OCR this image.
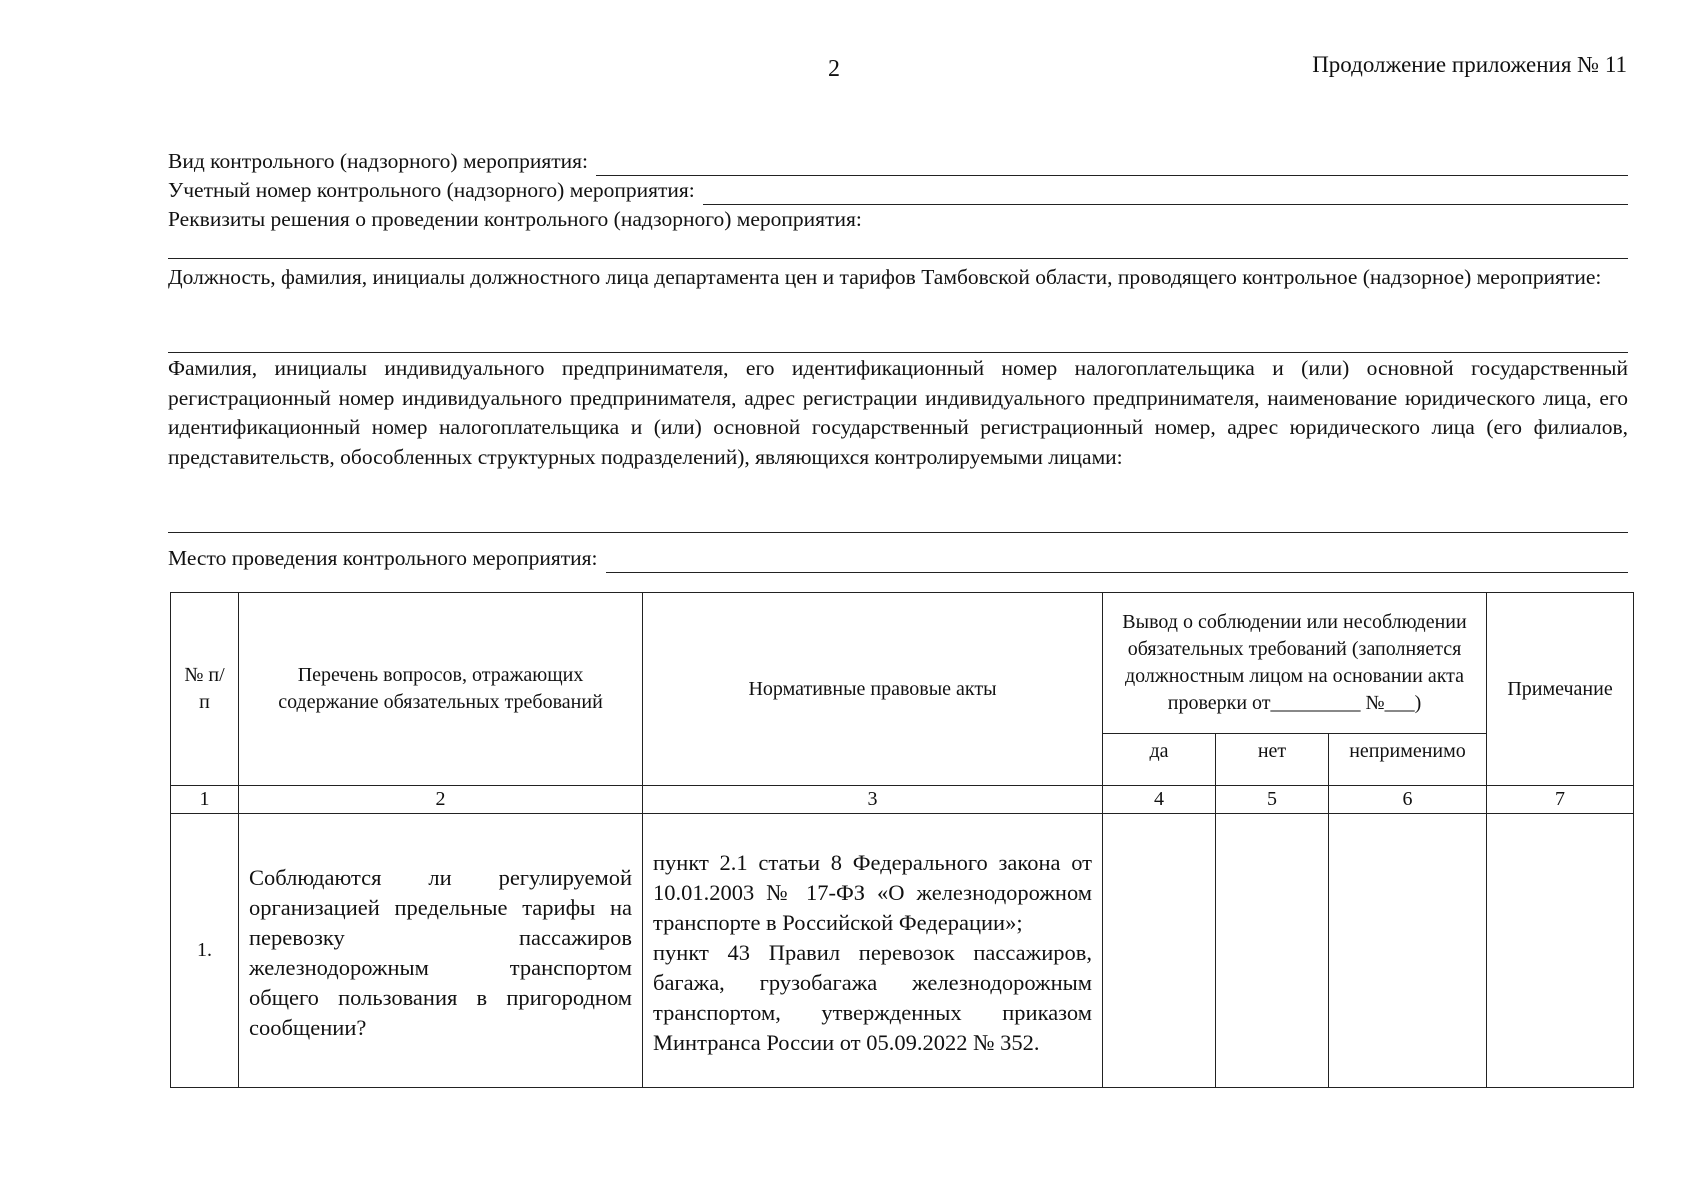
2	Продолжение приложения № 11
Вид контрольного (надзорного) мероприятия:
Учетный номер контрольного (надзорного) мероприятия:
Реквизиты решения о проведении контрольного (надзорного) мероприятия:
Должность, фамилия, инициалы должностного лица департамента цен и тарифов Тамбовской области, проводящего контрольное (надзорное) мероприятие:
Фамилия, инициалы индивидуального предпринимателя, его идентификационный номер налогоплательщика и (или) основной государственный регистрационный номер индивидуального предпринимателя, адрес регистрации индивидуального предпринимателя, наименование юридического лица, его идентификационный номер налогоплательщика и (или) основной государственный регистрационный номер, адрес юридического лица (его филиалов, представительств, обособленных структурных подразделений), являющихся контролируемыми лицами:
Место проведения контрольного мероприятия:
№ п/п	Перечень вопросов, отражающих содержание обязательных требований	Нормативные правовые акты	Вывод о соблюдении или несоблюдении обязательных требований (заполняется должностным лицом на основании акта проверки от_________ №___)			Примечание
			да	нет	неприменимо	
1	2	3	4	5	6	7
1.	Соблюдаются ли регулируемой организацией предельные тарифы на перевозку пассажиров железнодорожным транспортом общего пользования в пригородном сообщении?	пункт 2.1 статьи 8 Федерального закона от 10.01.2003 № 17-ФЗ «О железнодорожном транспорте в Российской Федерации»;
пункт 43 Правил перевозок пассажиров, багажа, грузобагажа железнодорожным транспортом, утвержденных приказом Минтранса России от 05.09.2022 № 352.				
